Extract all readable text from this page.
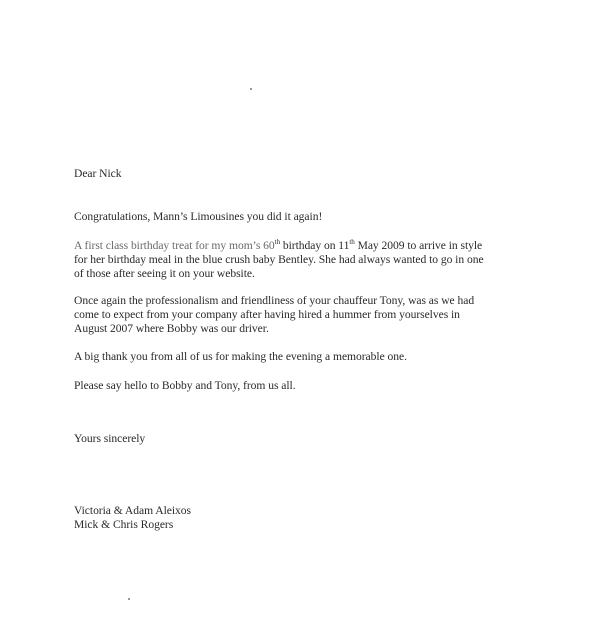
Dear Nick
Congratulations, Mann’s Limousines you did it again!
A first class birthday treat for my mom’s 60th birthday on 11th May 2009 to arrive in style
for her birthday meal in the blue crush baby Bentley. She had always wanted to go in one
of those after seeing it on your website.
Once again the professionalism and friendliness of your chauffeur Tony, was as we had
come to expect from your company after having hired a hummer from yourselves in
August 2007 where Bobby was our driver.
A big thank you from all of us for making the evening a memorable one.
Please say hello to Bobby and Tony, from us all.
Yours sincerely
Victoria & Adam Aleixos
Mick & Chris Rogers
